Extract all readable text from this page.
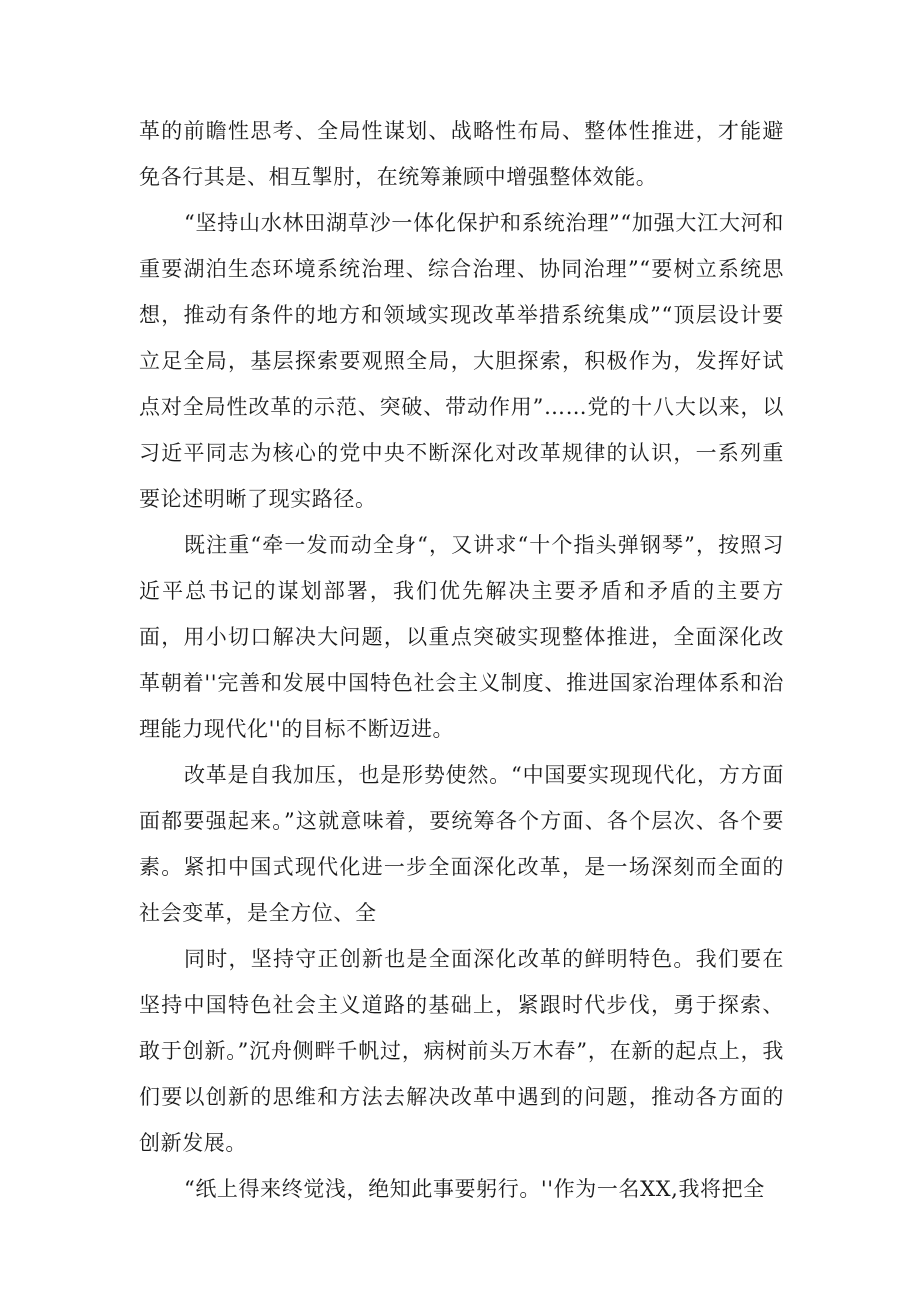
革的前瞻性思考、全局性谋划、战略性布局、整体性推进，才能避免各行其是、相互掣肘，在统筹兼顾中增强整体效能。

“坚持山水林田湖草沙一体化保护和系统治理”“加强大江大河和重要湖泊生态环境系统治理、综合治理、协同治理”“要树立系统思想，推动有条件的地方和领域实现改革举措系统集成”“顶层设计要立足全局，基层探索要观照全局，大胆探索，积极作为，发挥好试点对全局性改革的示范、突破、带动作用”……党的十八大以来，以习近平同志为核心的党中央不断深化对改革规律的认识，一系列重要论述明晰了现实路径。

既注重“牵一发而动全身“，又讲求“十个指头弹钢琴”，按照习近平总书记的谋划部署，我们优先解决主要矛盾和矛盾的主要方面，用小切口解决大问题，以重点突破实现整体推进，全面深化改革朝着''完善和发展中国特色社会主义制度、推进国家治理体系和治理能力现代化''的目标不断迈进。

改革是自我加压，也是形势使然。“中国要实现现代化，方方面面都要强起来。”这就意味着，要统筹各个方面、各个层次、各个要素。紧扣中国式现代化进一步全面深化改革，是一场深刻而全面的社会变革，是全方位、全

同时，坚持守正创新也是全面深化改革的鲜明特色。我们要在坚持中国特色社会主义道路的基础上，紧跟时代步伐，勇于探索、敢于创新。”沉舟侧畔千帆过，病树前头万木春”，在新的起点上，我们要以创新的思维和方法去解决改革中遇到的问题，推动各方面的创新发展。

“纸上得来终觉浅，绝知此事要躬行。''作为一名XX,我将把全
